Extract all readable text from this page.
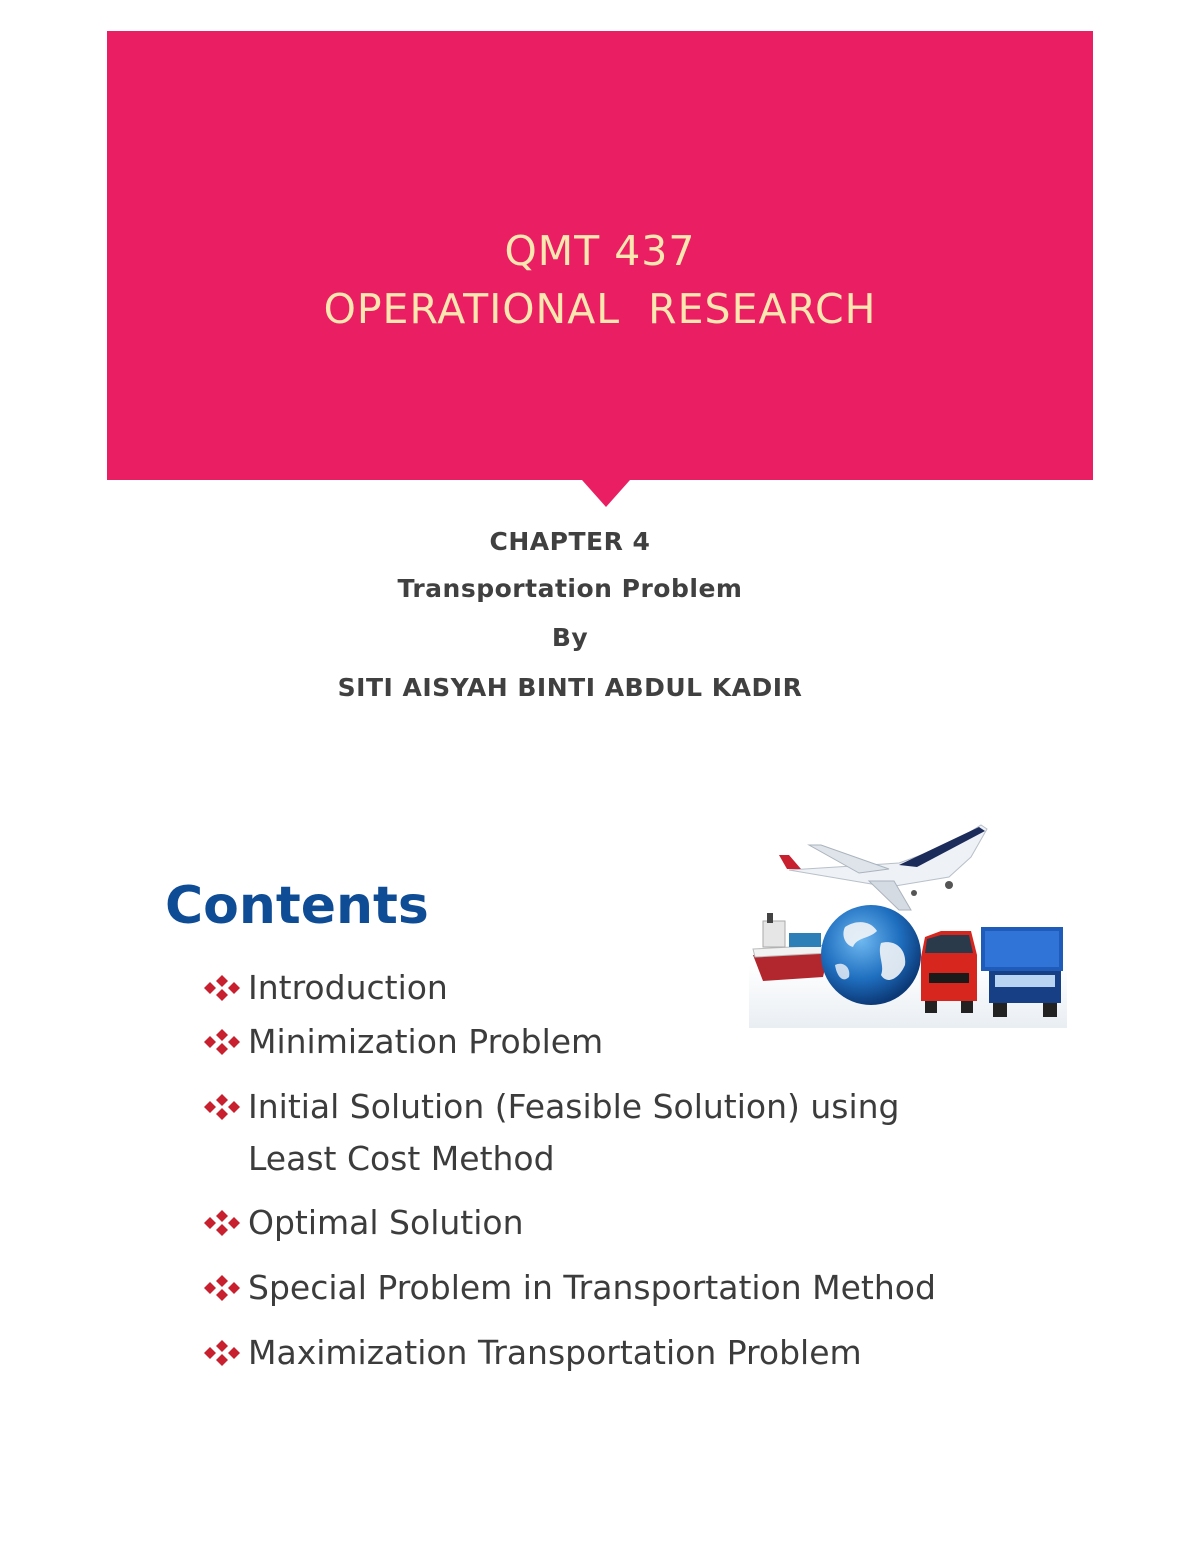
QMT 437
OPERATIONAL RESEARCH
CHAPTER 4
Transportation Problem
By
SITI AISYAH BINTI ABDUL KADIR
Contents
Introduction
Minimization Problem
Initial Solution (Feasible Solution) using
Least Cost Method
Optimal Solution
Special Problem in Transportation Method
Maximization Transportation Problem
